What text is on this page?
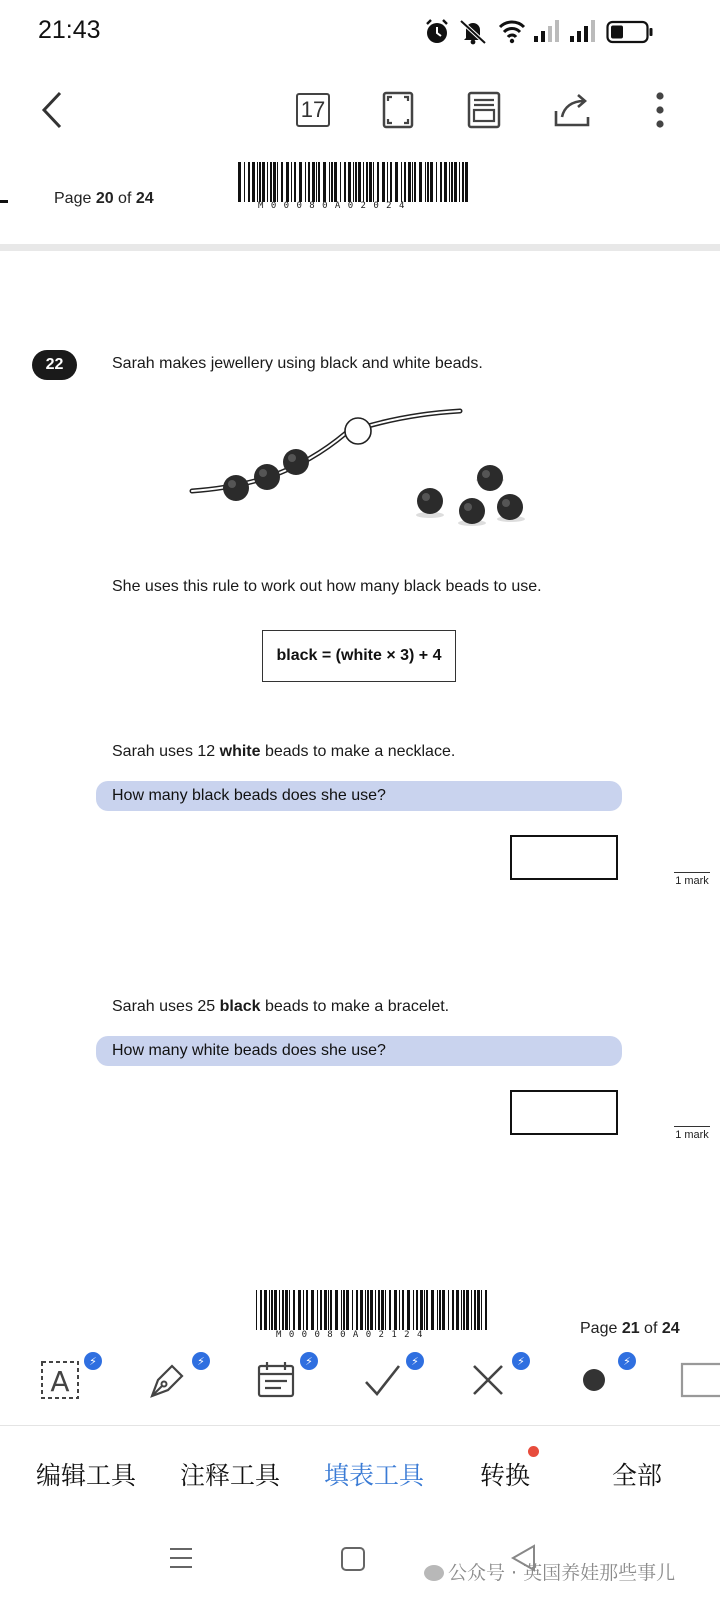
21:43
17
Page 20 of 24	M00080A02024
22	Sarah makes jewellery using black and white beads.
She uses this rule to work out how many black beads to use.
black = (white × 3) + 4
Sarah uses 12 white beads to make a necklace.
How many black beads does she use?
1 mark
Sarah uses 25 black beads to make a bracelet.
How many white beads does she use?
1 mark
M00080A02124	Page 21 of 24
A
⚡	⚡	⚡	⚡	⚡	⚡
编辑工具 注释工具 填表工具 转换	全部
公众号 · 英国养娃那些事儿
